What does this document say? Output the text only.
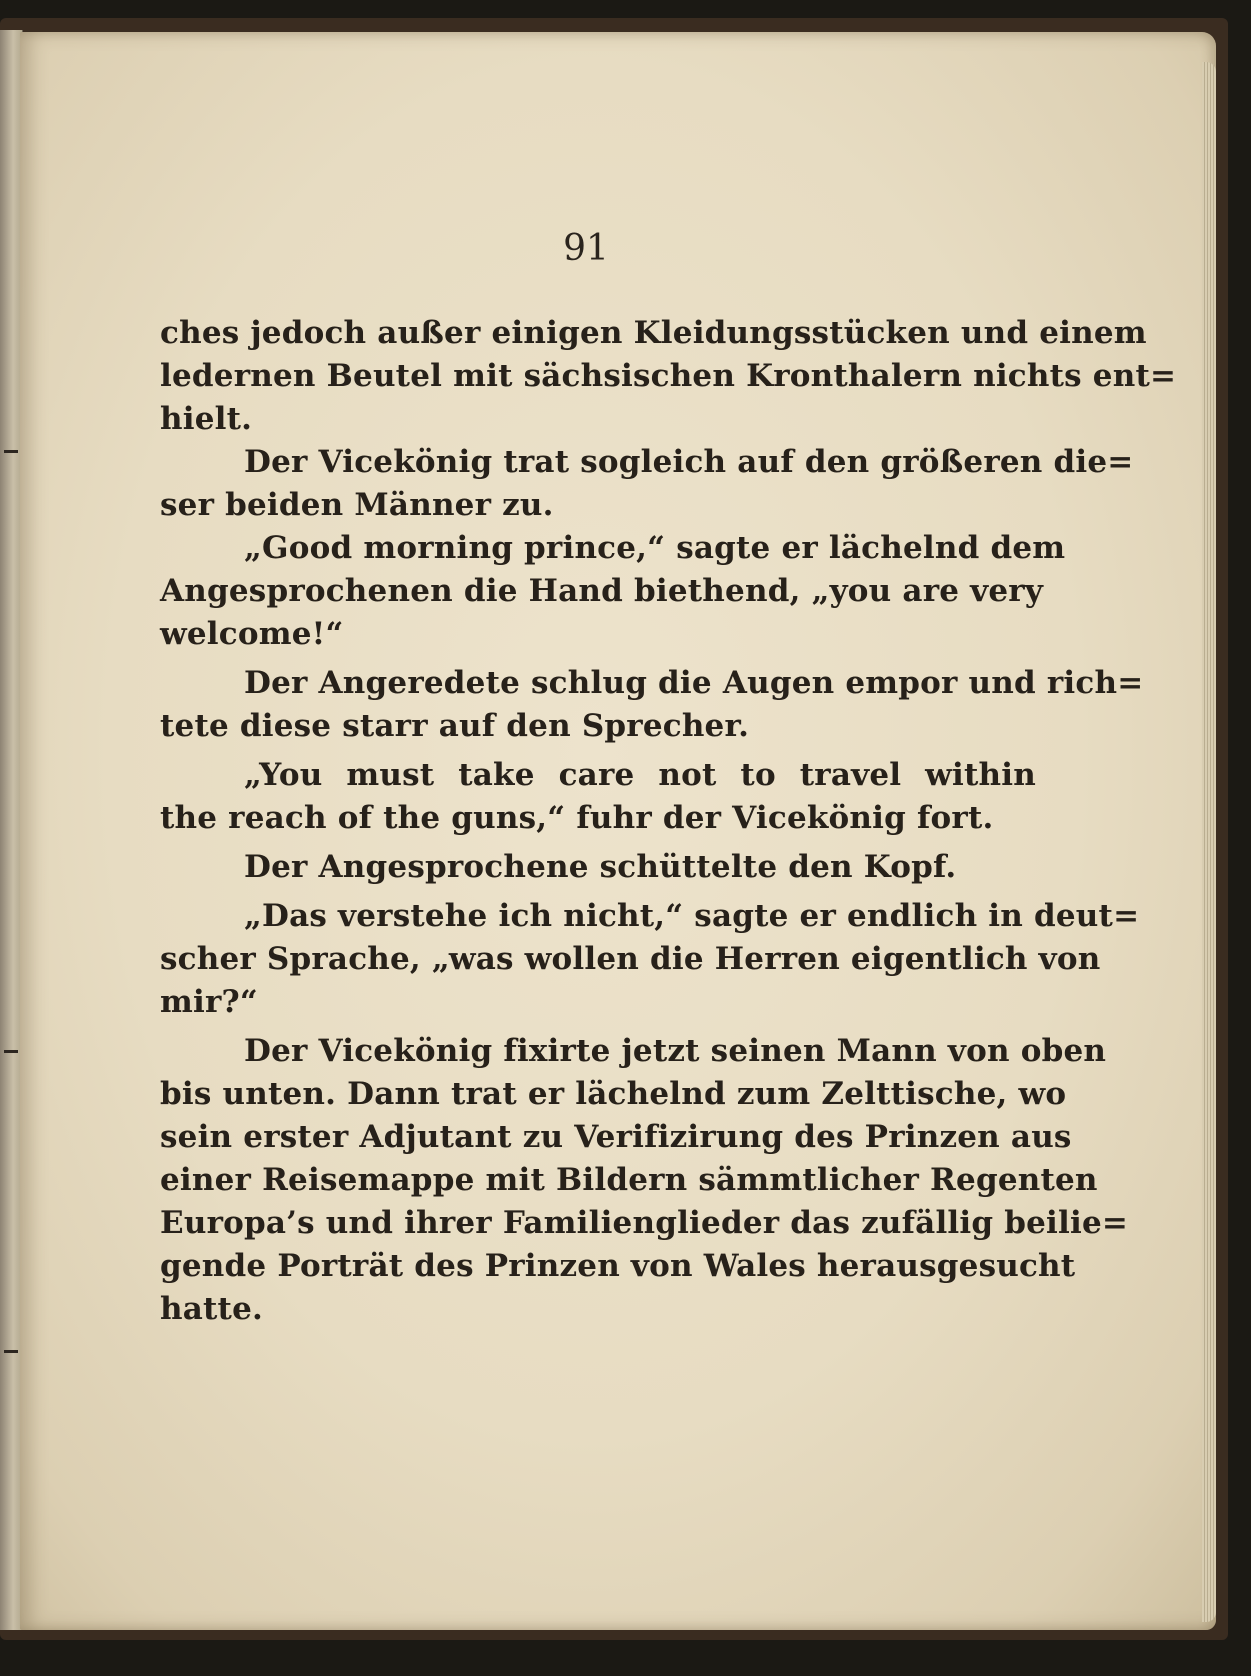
91
ches jedoch außer einigen Kleidungsstücken und einem
ledernen Beutel mit sächsischen Kronthalern nichts ent=
hielt.
Der Vicekönig trat sogleich auf den größeren die=
ser beiden Männer zu.
„Good morning prince,“ sagte er lächelnd dem
Angesprochenen die Hand biethend, „you are very
welcome!“
Der Angeredete schlug die Augen empor und rich=
tete diese starr auf den Sprecher.
„You must take care not to travel within
the reach of the guns,“ fuhr der Vicekönig fort.
Der Angesprochene schüttelte den Kopf.
„Das verstehe ich nicht,“ sagte er endlich in deut=
scher Sprache, „was wollen die Herren eigentlich von
mir?“
Der Vicekönig fixirte jetzt seinen Mann von oben
bis unten. Dann trat er lächelnd zum Zelttische, wo
sein erster Adjutant zu Verifizirung des Prinzen aus
einer Reisemappe mit Bildern sämmtlicher Regenten
Europa’s und ihrer Familienglieder das zufällig beilie=
gende Porträt des Prinzen von Wales herausgesucht
hatte.
